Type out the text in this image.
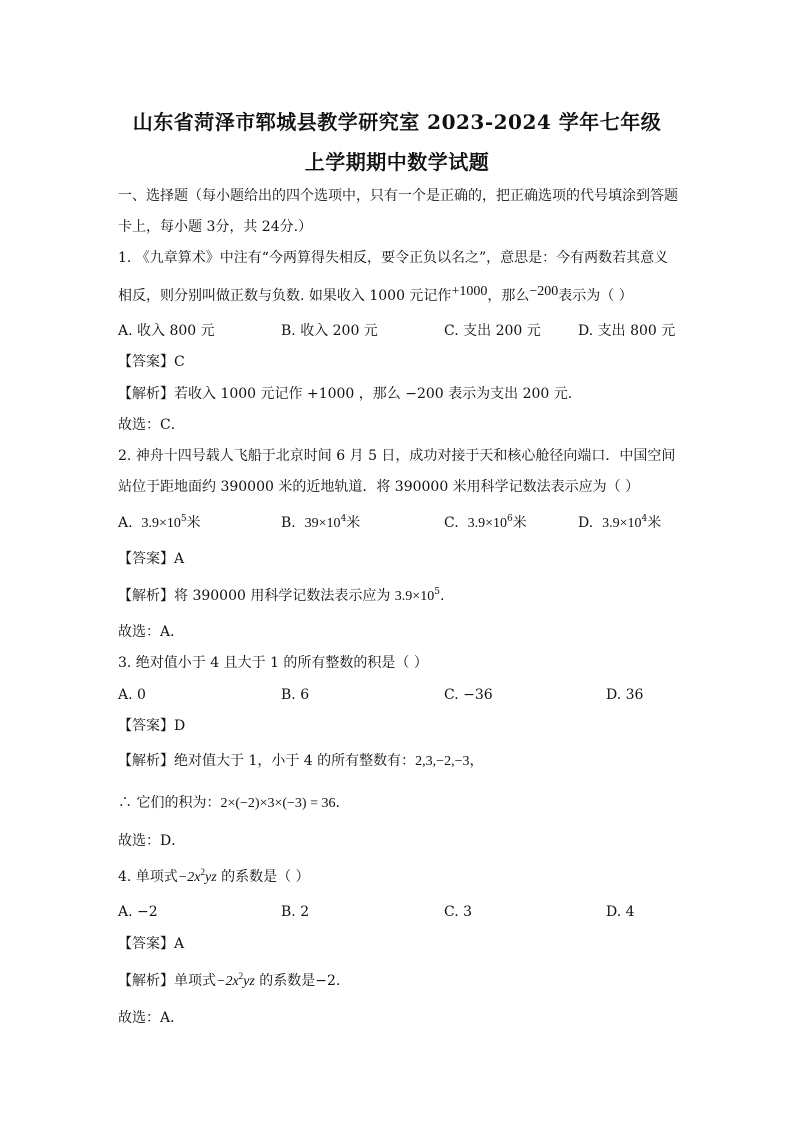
山东省菏泽市郓城县教学研究室 2023-2024 学年七年级
上学期期中数学试题
一、选择题（每小题给出的四个选项中，只有一个是正确的，把正确选项的代号填涂到答题
卡上，每小题 3分，共 24分.）
1. 《九章算术》中注有“今两算得失相反，要令正负以名之”，意思是：今有两数若其意义
相反，则分别叫做正数与负数. 如果收入 1000 元记作+1000，那么−200表示为（ ）
A. 收入 800 元	B. 收入 200 元	C. 支出 200 元	D. 支出 800 元
【答案】C
【解析】若收入 1000 元记作 +1000 ，那么 −200 表示为支出 200 元.
故选：C．
2. 神舟十四号载人飞船于北京时间 6 月 5 日，成功对接于天和核心舱径向端口．中国空间
站位于距地面约 390000 米的近地轨道．将 390000 米用科学记数法表示应为（ ）
A. $3.9\times 10^5$米	B. $39\times 10^4$米	C. $3.9\times 10^6$米	D. $3.9\times 10^4$米
【答案】A
【解析】将 390000 用科学记数法表示应为 $3.9\times 10^5$.
故选：A．
3. 绝对值小于 4 且大于 1 的所有整数的积是（ ）
A. 0	B. 6	C. −36	D. 36
【答案】D
【解析】绝对值大于 1，小于 4 的所有整数有：2,3,−2,−3，
∴ 它们的积为：2×(−2)×3×(−3) = 36.
故选：D．
4. 单项式$-2x^2yz$ 的系数是（ ）
A. −2	B. 2	C. 3	D. 4
【答案】A
【解析】单项式$-2x^2yz$ 的系数是−2.
故选：A．
